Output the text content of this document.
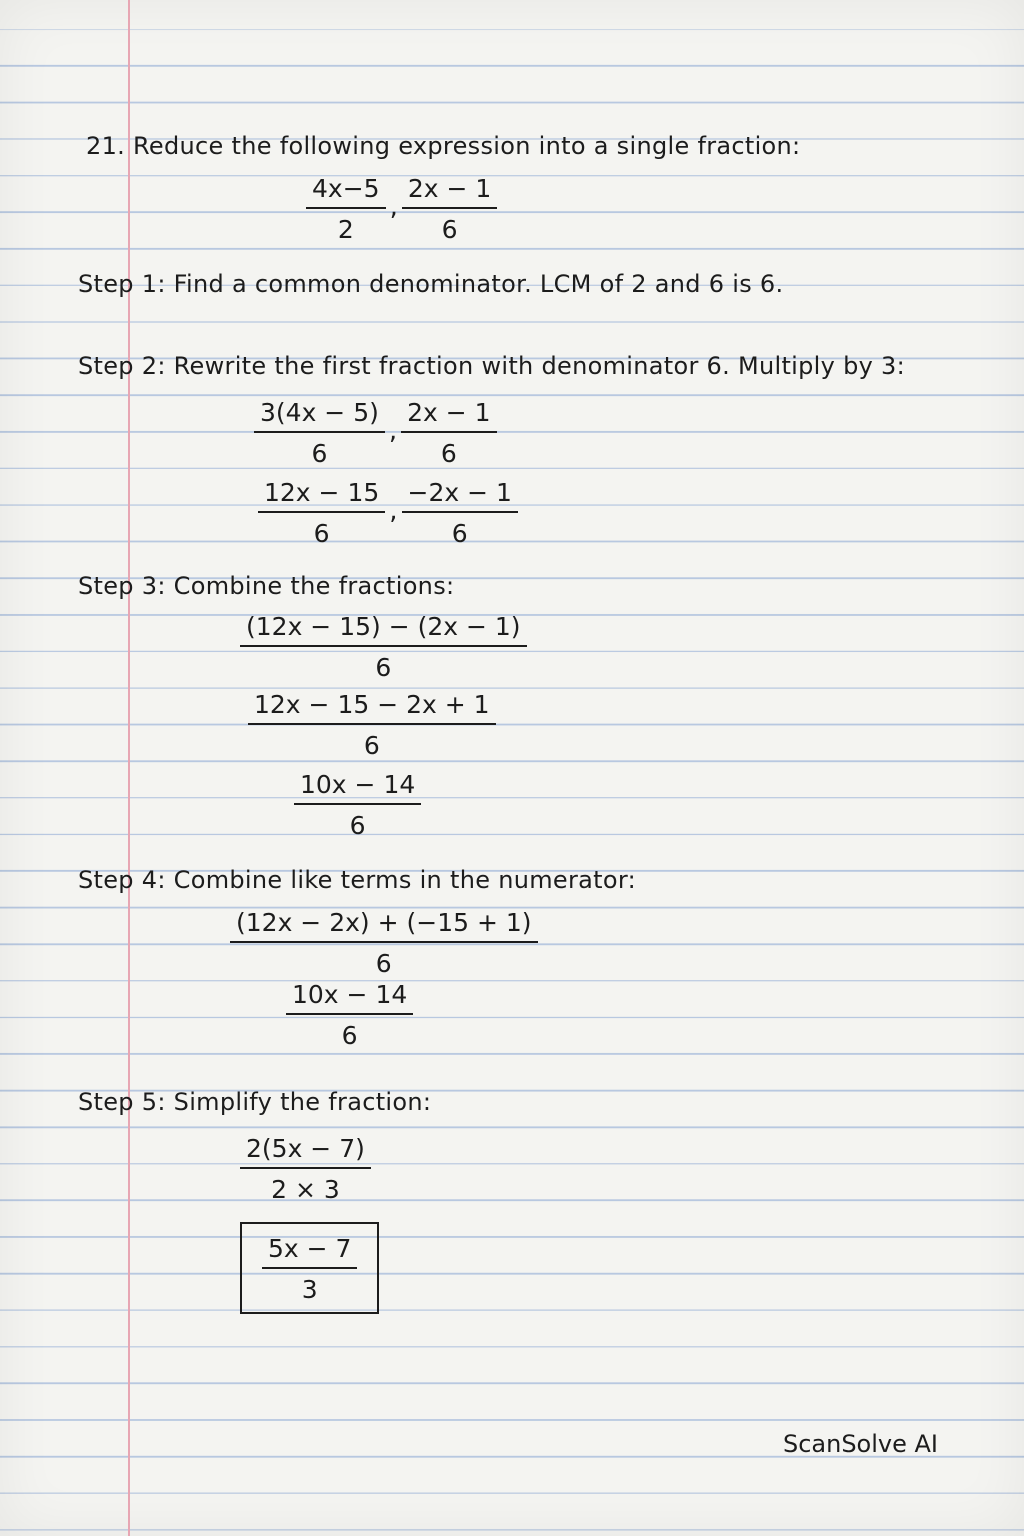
21. Reduce the following expression into a single fraction:
$\frac{4x-5}{2}$ , $\frac{2x - 1}{6}$
Step 1: Find a common denominator. LCM of 2 and 6 is 6.
Step 2: Rewrite the first fraction with denominator 6. Multiply by 3:
$\frac{3(4x - 5)}{6}$ , $\frac{2x - 1}{6}$
$\frac{12x - 15}{6}$ , $\frac{-2x - 1}{6}$
Step 3: Combine the fractions:
$\frac{(12x - 15) - (2x - 1)}{6}$
$\frac{12x - 15 - 2x + 1}{6}$
$\frac{10x - 14}{6}$
Step 4: Combine like terms in the numerator:
$\frac{(12x - 2x) + (-15 + 1)}{6}$
$\frac{10x - 14}{6}$
Step 5: Simplify the fraction:
$\frac{2(5x - 7)}{2 \times 3}$
$\frac{5x - 7}{3}$
ScanSolve AI
